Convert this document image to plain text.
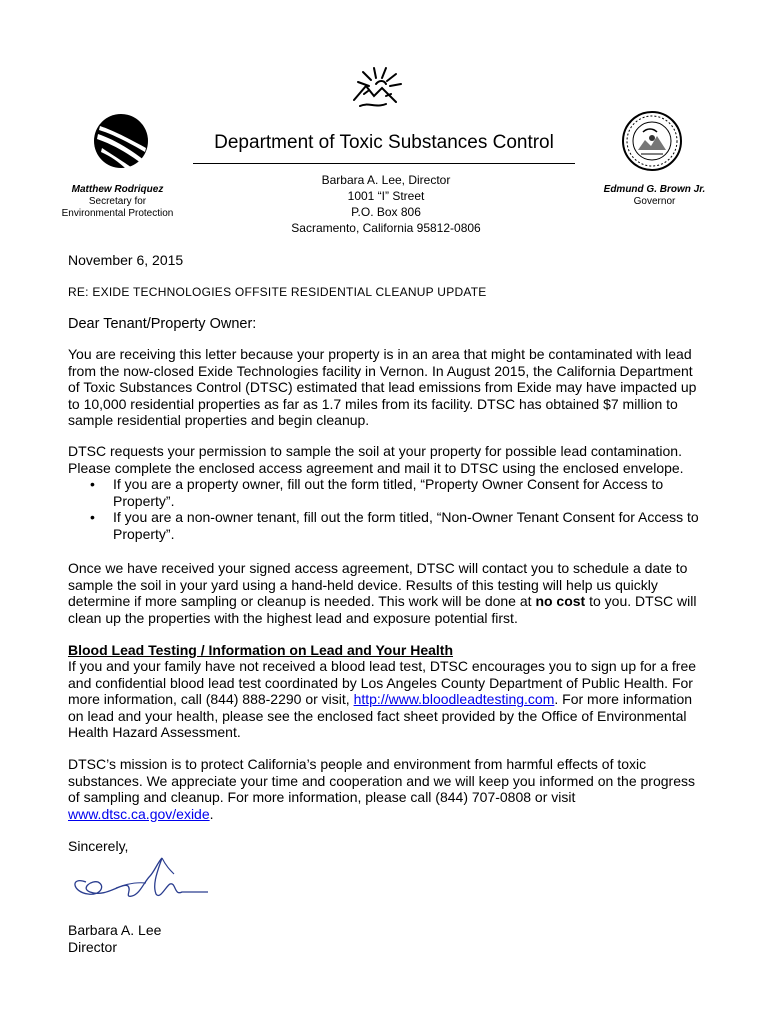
Department of Toxic Substances Control
Barbara A. Lee, Director
1001 “I” Street
P.O. Box 806
Sacramento, California 95812-0806
Matthew Rodriquez
Secretary for
Environmental Protection
Edmund G. Brown Jr.
Governor
November 6, 2015
RE: EXIDE TECHNOLOGIES OFFSITE RESIDENTIAL CLEANUP UPDATE
Dear Tenant/Property Owner:
You are receiving this letter because your property is in an area that might be contaminated with lead from the now-closed Exide Technologies facility in Vernon. In August 2015, the California Department of Toxic Substances Control (DTSC) estimated that lead emissions from Exide may have impacted up to 10,000 residential properties as far as 1.7 miles from its facility. DTSC has obtained $7 million to sample residential properties and begin cleanup.
DTSC requests your permission to sample the soil at your property for possible lead contamination. Please complete the enclosed access agreement and mail it to DTSC using the enclosed envelope.
• If you are a property owner, fill out the form titled, “Property Owner Consent for Access to Property”.
• If you are a non-owner tenant, fill out the form titled, “Non-Owner Tenant Consent for Access to Property”.
Once we have received your signed access agreement, DTSC will contact you to schedule a date to sample the soil in your yard using a hand-held device. Results of this testing will help us quickly determine if more sampling or cleanup is needed. This work will be done at no cost to you. DTSC will clean up the properties with the highest lead and exposure potential first.
Blood Lead Testing / Information on Lead and Your Health
If you and your family have not received a blood lead test, DTSC encourages you to sign up for a free and confidential blood lead test coordinated by Los Angeles County Department of Public Health. For more information, call (844) 888-2290 or visit, http://www.bloodleadtesting.com. For more information on lead and your health, please see the enclosed fact sheet provided by the Office of Environmental Health Hazard Assessment.
DTSC’s mission is to protect California’s people and environment from harmful effects of toxic substances. We appreciate your time and cooperation and we will keep you informed on the progress of sampling and cleanup. For more information, please call (844) 707-0808 or visit www.dtsc.ca.gov/exide.
Sincerely,
Barbara A. Lee
Director
